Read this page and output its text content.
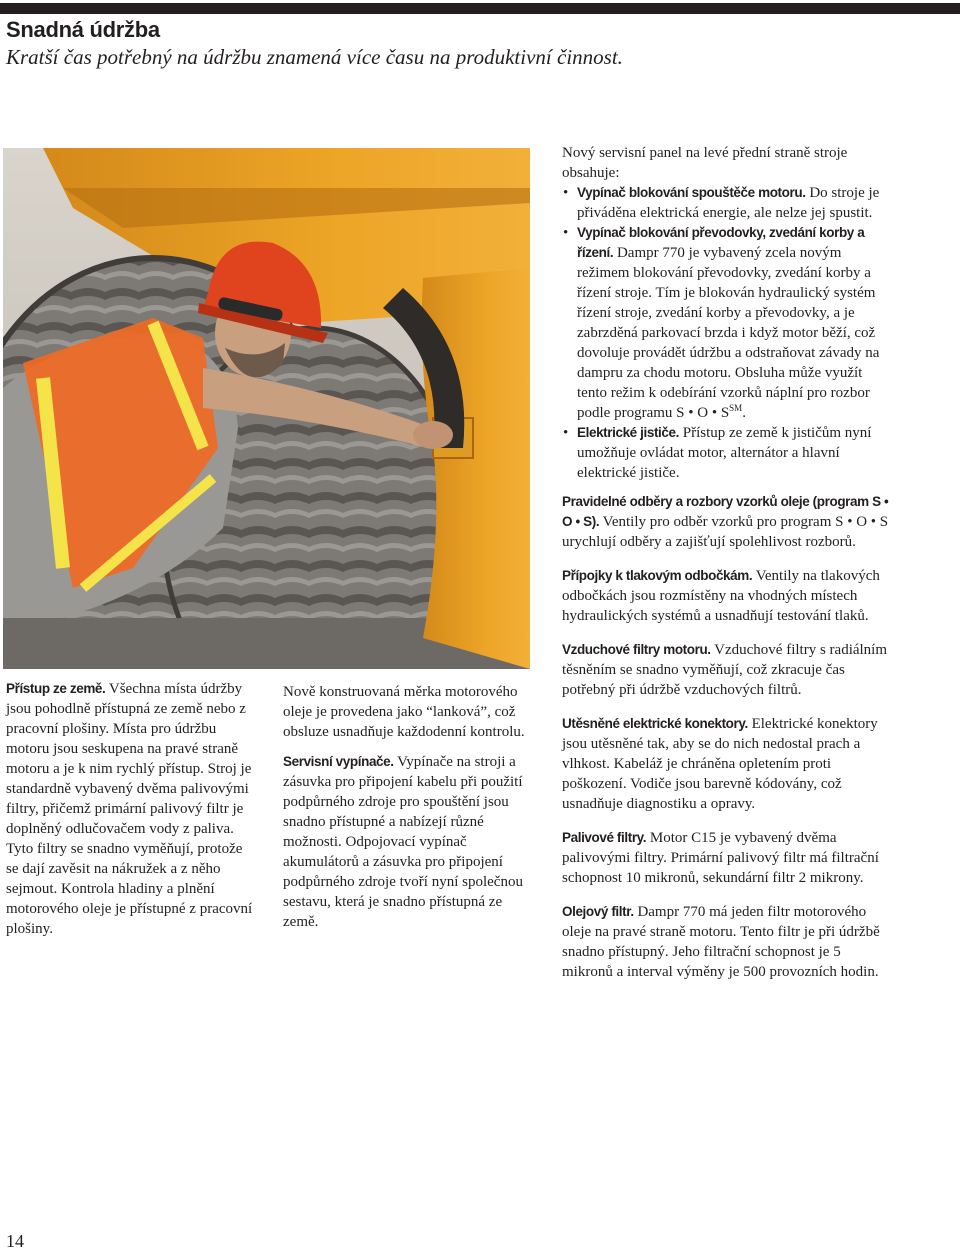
Snadná údržba
Kratší čas potřebný na údržbu znamená více času na produktivní činnost.

Přístup ze země. Všechna místa údržby jsou pohodlně přístupná ze země nebo z pracovní plošiny. Místa pro údržbu motoru jsou seskupena na pravé straně motoru a je k nim rychlý přístup. Stroj je standardně vybavený dvěma palivovými filtry, přičemž primární palivový filtr je doplněný odlučovačem vody z paliva. Tyto filtry se snadno vyměňují, protože se dají zavěsit na nákružek a z něho sejmout. Kontrola hladiny a plnění motorového oleje je přístupné z pracovní plošiny.

Nově konstruovaná měrka motorového oleje je provedena jako “lanková”, což obsluze usnadňuje každodenní kontrolu.

Servisní vypínače. Vypínače na stroji a zásuvka pro připojení kabelu při použití podpůrného zdroje pro spouštění jsou snadno přístupné a nabízejí různé možnosti. Odpojovací vypínač akumulátorů a zásuvka pro připojení podpůrného zdroje tvoří nyní společnou sestavu, která je snadno přístupná ze země.

Nový servisní panel na levé přední straně stroje obsahuje:

• Vypínač blokování spouštěče motoru. Do stroje je přiváděna elektrická energie, ale nelze jej spustit.
• Vypínač blokování převodovky, zvedání korby a řízení. Dampr 770 je vybavený zcela novým režimem blokování převodovky, zvedání korby a řízení stroje. Tím je blokován hydraulický systém řízení stroje, zvedání korby a převodovky, a je zabrzděná parkovací brzda i když motor běží, což dovoluje provádět údržbu a odstraňovat závady na dampru za chodu motoru. Obsluha může využít tento režim k odebírání vzorků náplní pro rozbor podle programu S • O • S℠.
• Elektrické jističe. Přístup ze země k jističům nyní umožňuje ovládat motor, alternátor a hlavní elektrické jističe.

Pravidelné odběry a rozbory vzorků oleje (program S • O • S). Ventily pro odběr vzorků pro program S • O • S urychlují odběry a zajišťují spolehlivost rozborů.

Přípojky k tlakovým odbočkám. Ventily na tlakových odbočkách jsou rozmístěny na vhodných místech hydraulických systémů a usnadňují testování tlaků.

Vzduchové filtry motoru. Vzduchové filtry s radiálním těsněním se snadno vyměňují, což zkracuje čas potřebný při údržbě vzduchových filtrů.

Utěsněné elektrické konektory. Elektrické konektory jsou utěsněné tak, aby se do nich nedostal prach a vlhkost. Kabeláž je chráněna opletením proti poškození. Vodiče jsou barevně kódovány, což usnadňuje diagnostiku a opravy.

Palivové filtry. Motor C15 je vybavený dvěma palivovými filtry. Primární palivový filtr má filtrační schopnost 10 mikronů, sekundární filtr 2 mikrony.

Olejový filtr. Dampr 770 má jeden filtr motorového oleje na pravé straně motoru. Tento filtr je při údržbě snadno přístupný. Jeho filtrační schopnost je 5 mikronů a interval výměny je 500 provozních hodin.

14
